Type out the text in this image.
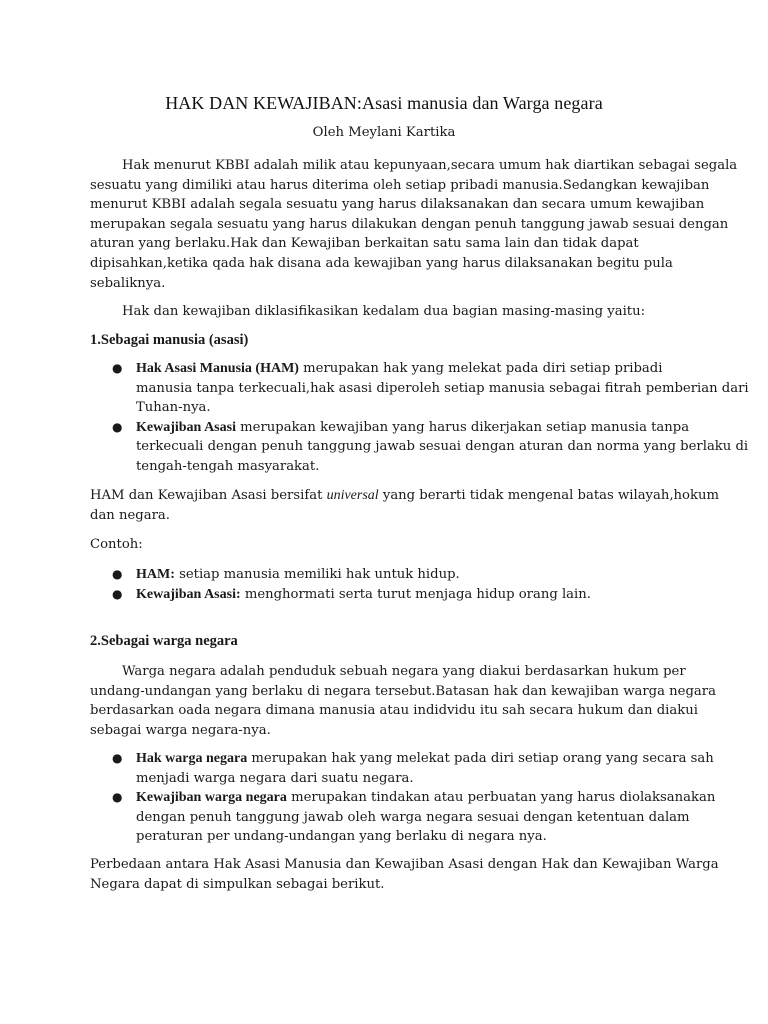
HAK DAN KEWAJIBAN:Asasi manusia dan Warga negara
Oleh Meylani Kartika
Hak menurut KBBI adalah milik atau kepunyaan,secara umum hak diartikan sebagai segala
sesuatu yang dimiliki atau harus diterima oleh setiap pribadi manusia.Sedangkan kewajiban
menurut KBBI adalah segala sesuatu yang harus dilaksanakan dan secara umum kewajiban
merupakan segala sesuatu yang harus dilakukan dengan penuh tanggung jawab sesuai dengan
aturan yang berlaku.Hak dan Kewajiban berkaitan satu sama lain dan tidak dapat
dipisahkan,ketika qada hak disana ada kewajiban yang harus dilaksanakan begitu pula
sebaliknya.
Hak dan kewajiban diklasifikasikan kedalam dua bagian masing-masing yaitu:
1.Sebagai manusia (asasi)
● Hak Asasi Manusia (HAM) merupakan hak yang melekat pada diri setiap pribadi
manusia tanpa terkecuali,hak asasi diperoleh setiap manusia sebagai fitrah pemberian dari
Tuhan-nya.
● Kewajiban Asasi merupakan kewajiban yang harus dikerjakan setiap manusia tanpa
terkecuali dengan penuh tanggung jawab sesuai dengan aturan dan norma yang berlaku di
tengah-tengah masyarakat.
HAM dan Kewajiban Asasi bersifat universal yang berarti tidak mengenal batas wilayah,hokum
dan negara.
Contoh:
● HAM: setiap manusia memiliki hak untuk hidup.
● Kewajiban Asasi: menghormati serta turut menjaga hidup orang lain.
2.Sebagai warga negara
Warga negara adalah penduduk sebuah negara yang diakui berdasarkan hukum per
undang-undangan yang berlaku di negara tersebut.Batasan hak dan kewajiban warga negara
berdasarkan oada negara dimana manusia atau indidvidu itu sah secara hukum dan diakui
sebagai warga negara-nya.
● Hak warga negara merupakan hak yang melekat pada diri setiap orang yang secara sah
menjadi warga negara dari suatu negara.
● Kewajiban warga negara merupakan tindakan atau perbuatan yang harus diolaksanakan
dengan penuh tanggung jawab oleh warga negara sesuai dengan ketentuan dalam
peraturan per undang-undangan yang berlaku di negara nya.
Perbedaan antara Hak Asasi Manusia dan Kewajiban Asasi dengan Hak dan Kewajiban Warga
Negara dapat di simpulkan sebagai berikut.
